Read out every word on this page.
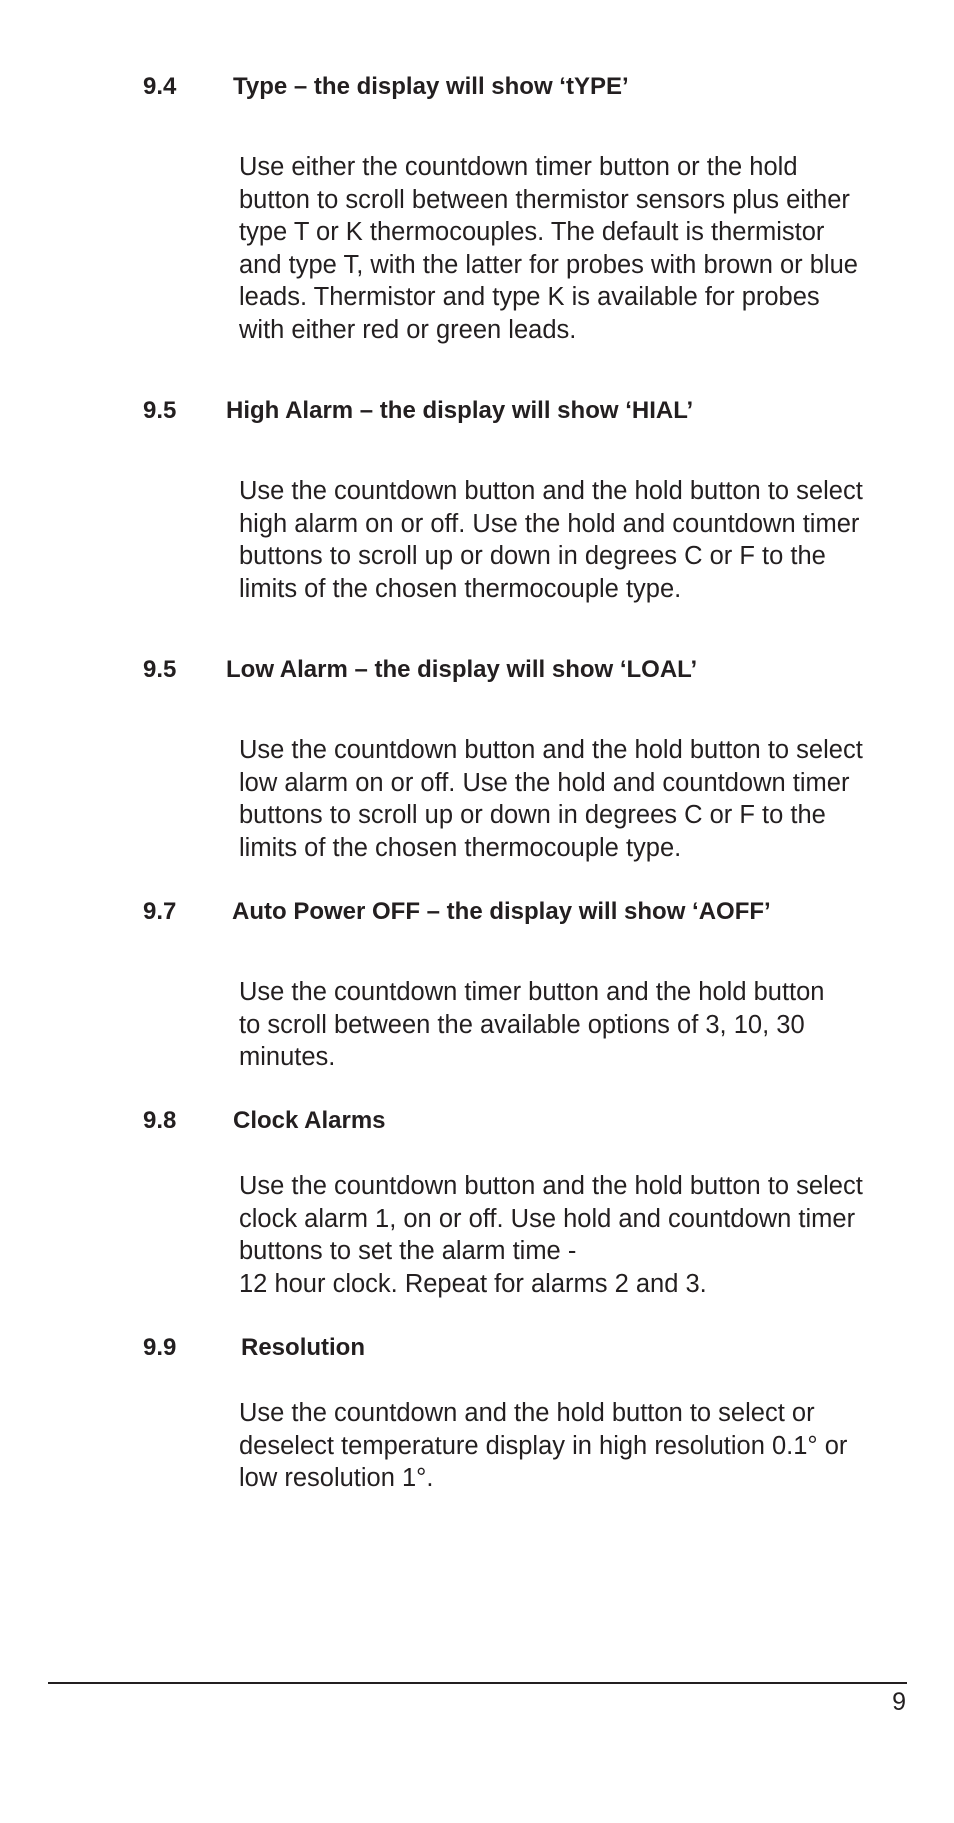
9.4 Type – the display will show ‘tYPE’
Use either the countdown timer button or the hold
button to scroll between thermistor sensors plus either
type T or K thermocouples. The default is thermistor
and type T, with the latter for probes with brown or blue
leads. Thermistor and type K is available for probes
with either red or green leads.
9.5 High Alarm – the display will show ‘HIAL’
Use the countdown button and the hold button to select
high alarm on or off. Use the hold and countdown timer
buttons to scroll up or down in degrees C or F to the
limits of the chosen thermocouple type.
9.5 Low Alarm – the display will show ‘LOAL’
Use the countdown button and the hold button to select
low alarm on or off. Use the hold and countdown timer
buttons to scroll up or down in degrees C or F to the
limits of the chosen thermocouple type.
9.7 Auto Power OFF – the display will show ‘AOFF’
Use the countdown timer button and the hold button
to scroll between the available options of 3, 10, 30
minutes.
9.8 Clock Alarms
Use the countdown button and the hold button to select
clock alarm 1, on or off. Use hold and countdown timer
buttons to set the alarm time -
12 hour clock. Repeat for alarms 2 and 3.
9.9	Resolution
Use the countdown and the hold button to select or
deselect temperature display in high resolution 0.1° or
low resolution 1°.
9
